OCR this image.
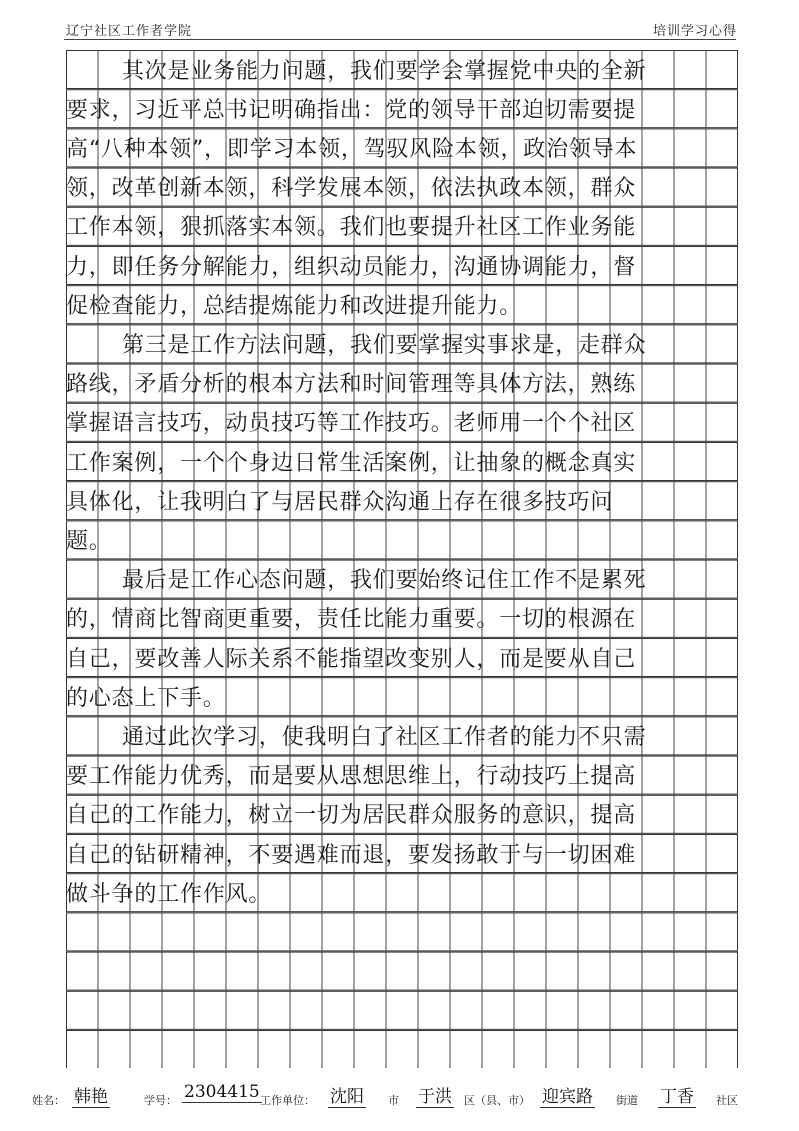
辽宁社区工作者学院	培训学习心得
其次是业务能力问题，我们要学会掌握党中央的全新
要求，习近平总书记明确指出：党的领导干部迫切需要提
高“八种本领”，即学习本领，驾驭风险本领，政治领导本
领，改革创新本领，科学发展本领，依法执政本领，群众
工作本领，狠抓落实本领。我们也要提升社区工作业务能
力，即任务分解能力，组织动员能力，沟通协调能力，督
促检查能力，总结提炼能力和改进提升能力。
第三是工作方法问题，我们要掌握实事求是，走群众
路线，矛盾分析的根本方法和时间管理等具体方法，熟练
掌握语言技巧，动员技巧等工作技巧。老师用一个个社区
工作案例，一个个身边日常生活案例，让抽象的概念真实
具体化，让我明白了与居民群众沟通上存在很多技巧问
题。
最后是工作心态问题，我们要始终记住工作不是累死
的，情商比智商更重要，责任比能力重要。一切的根源在
自己，要改善人际关系不能指望改变别人，而是要从自己
的心态上下手。
通过此次学习，使我明白了社区工作者的能力不只需
要工作能力优秀，而是要从思想思维上，行动技巧上提高
自己的工作能力，树立一切为居民群众服务的意识，提高
自己的钻研精神，不要遇难而退，要发扬敢于与一切困难
做斗争的工作作风。
姓名： 韩艳	学号： 2304415 工作单位： 沈阳 市 于洪 区（县、市） 迎宾路 街道 丁香 社区
